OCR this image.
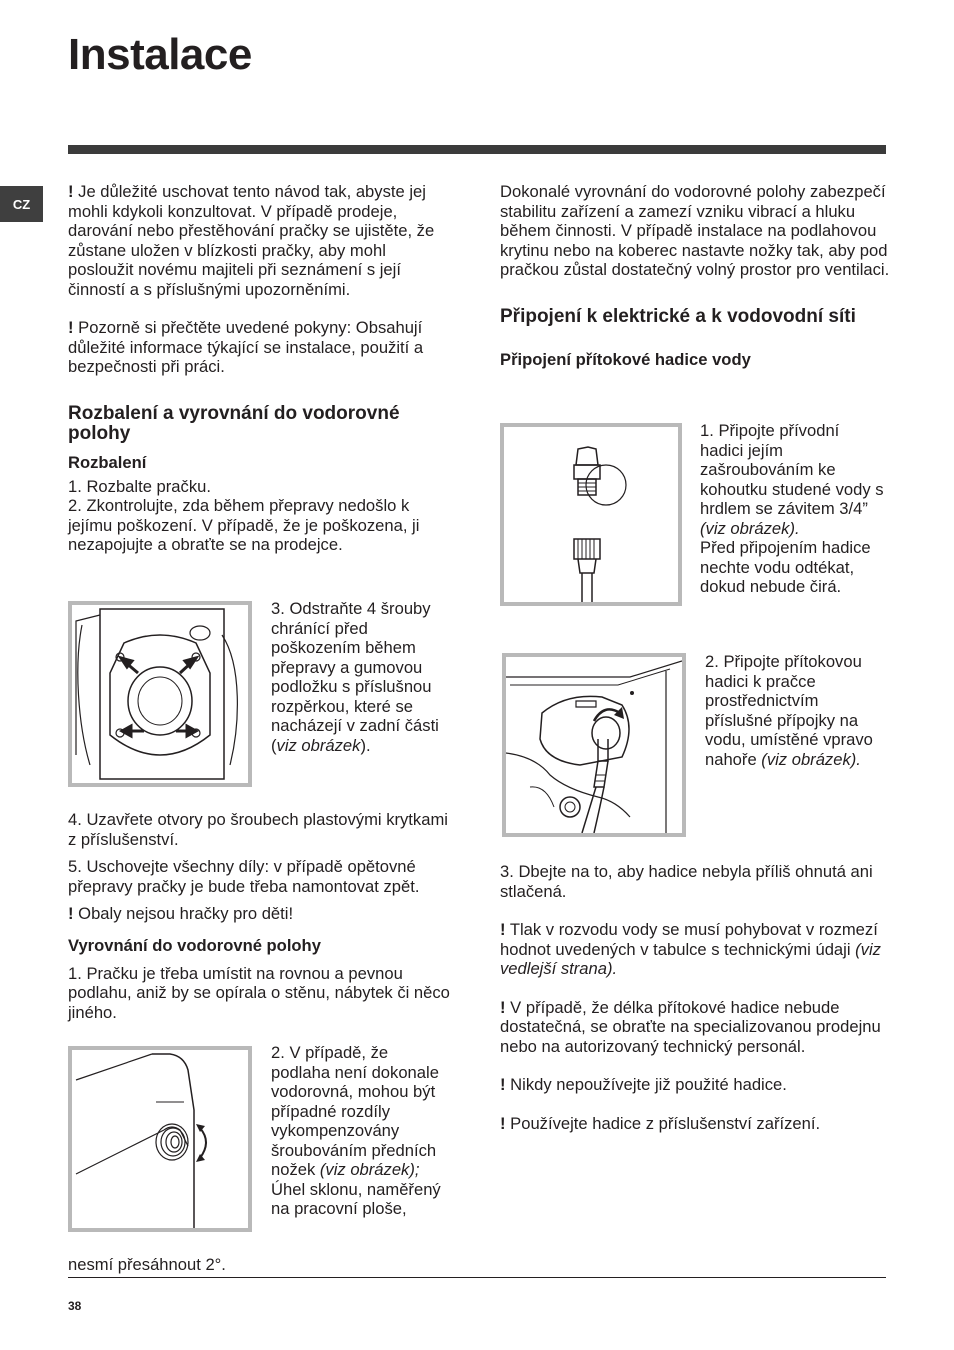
Instalace
CZ

! Je důležité uschovat tento návod tak, abyste jej mohli kdykoli konzultovat. V případě prodeje, darování nebo přestěhování pračky se ujistěte, že zůstane uložen v blízkosti pračky, aby mohl posloužit novému majiteli při seznámení s její činností a s příslušnými upozorněními.

! Pozorně si přečtěte uvedené pokyny: Obsahují důležité informace týkající se instalace, použití a bezpečnosti při práci.

Rozbalení a vyrovnání do vodorovné polohy
Rozbalení

1. Rozbalte pračku.

2. Zkontrolujte, zda během přepravy nedošlo k jejímu poškození. V případě, že je poškozena, ji nezapojujte a obraťte se na prodejce.

3. Odstraňte 4 šrouby chránící před poškozením během přepravy a gumovou podložku s příslušnou rozpěrkou, které se nacházejí v zadní části (viz obrázek).

4. Uzavřete otvory po šroubech plastovými krytkami z příslušenství.

5. Uschovejte všechny díly: v případě opětovné přepravy pračky je bude třeba namontovat zpět.

! Obaly nejsou hračky pro děti!

Vyrovnání do vodorovné polohy

1. Pračku je třeba umístit na rovnou a pevnou podlahu, aniž by se opírala o stěnu, nábytek či něco jiného.

2. V případě, že podlaha není dokonale vodorovná, mohou být případné rozdíly vykompenzovány šroubováním předních nožek (viz obrázek); Úhel sklonu, naměřený na pracovní ploše,
nesmí přesáhnout 2°.

Dokonalé vyrovnání do vodorovné polohy zabezpečí stabilitu zařízení a zamezí vzniku vibrací a hluku během činnosti. V případě instalace na podlahovou krytinu nebo na koberec nastavte nožky tak, aby pod pračkou zůstal dostatečný volný prostor pro ventilaci.

Připojení k elektrické a k vodovodní síti
Připojení přítokové hadice vody
1. Připojte přívodní hadici jejím zašroubováním ke kohoutku studené vody s hrdlem se závitem 3/4” (viz obrázek).
Před připojením hadice nechte vodu odtékat, dokud nebude čirá.
2. Připojte přítokovou hadici k pračce prostřednictvím příslušné přípojky na vodu, umístěné vpravo nahoře (viz obrázek).

3. Dbejte na to, aby hadice nebyla příliš ohnutá ani stlačená.

! Tlak v rozvodu vody se musí pohybovat v rozmezí hodnot uvedených v tabulce s technickými údaji (viz vedlejší strana).

! V případě, že délka přítokové hadice nebude dostatečná, se obraťte na specializovanou prodejnu nebo na autorizovaný technický personál.

! Nikdy nepoužívejte již použité hadice.

! Používejte hadice z příslušenství zařízení.

38
